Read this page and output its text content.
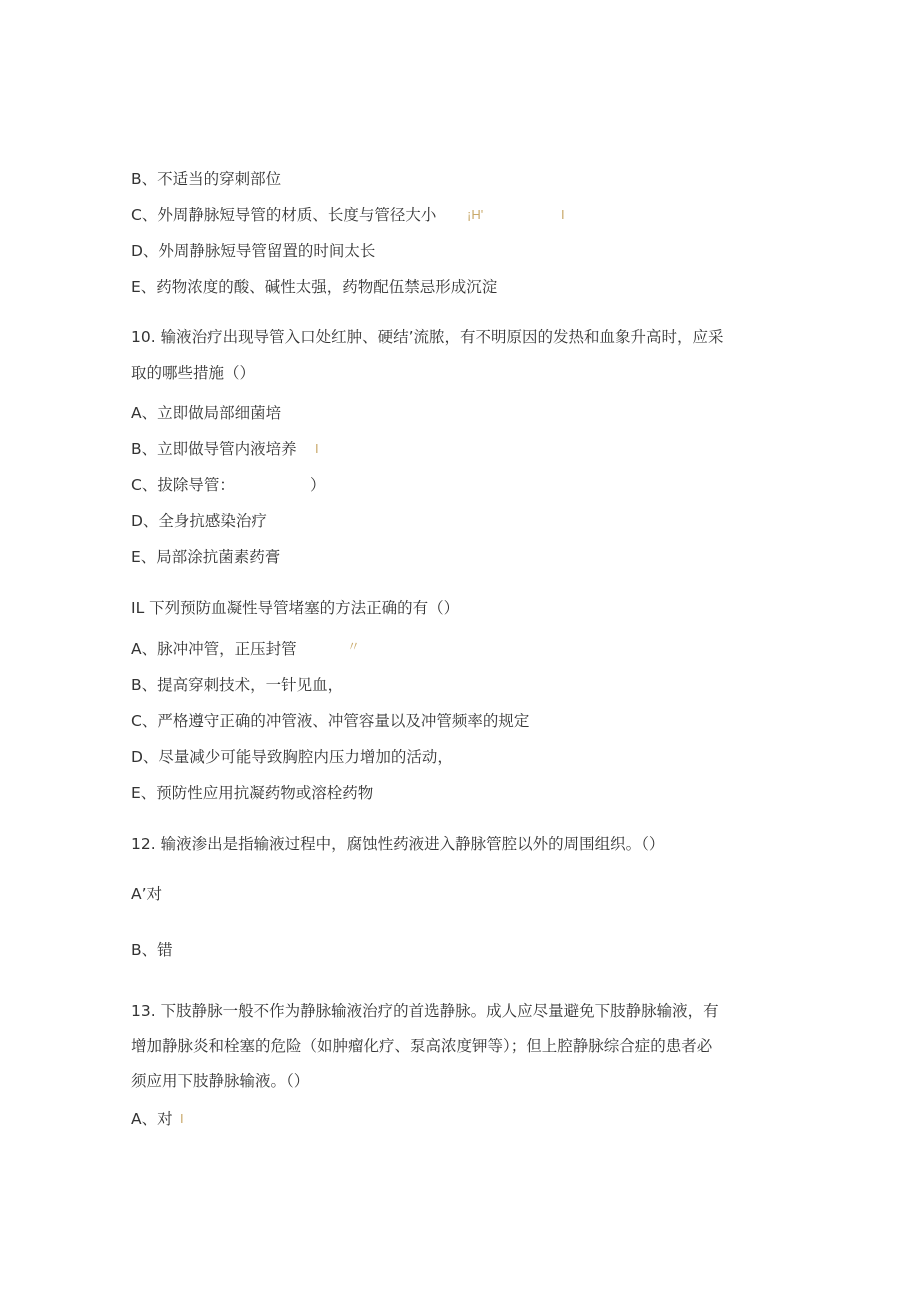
B、不适当的穿刺部位

C、外周静脉短导管的材质、长度与管径大小 ¡H'	I

D、外周静脉短导管留置的时间太长

E、药物浓度的酸、碱性太强，药物配伍禁忌形成沉淀

10. 输液治疗出现导管入口处红肿、硬结’流脓，有不明原因的发热和血象升高时，应采

取的哪些措施（）

A、立即做局部细菌培

B、立即做导管内液培养 I

C、拔除导管：	）

D、全身抗感染治疗

E、局部涂抗菌素药膏

IL 下列预防血凝性导管堵塞的方法正确的有（）

A、脉冲冲管，正压封管	〃

B、提高穿刺技术，一针见血，

C、严格遵守正确的冲管液、冲管容量以及冲管频率的规定

D、尽量减少可能导致胸腔内压力增加的活动，

E、预防性应用抗凝药物或溶栓药物

12. 输液渗出是指输液过程中，腐蚀性药液进入静脉管腔以外的周围组织。（）

A’对

B、错

13. 下肢静脉一般不作为静脉输液治疗的首选静脉。成人应尽量避免下肢静脉输液，有

增加静脉炎和栓塞的危险（如肿瘤化疗、泵高浓度钾等）；但上腔静脉综合症的患者必

须应用下肢静脉输液。（）

A、对 I
